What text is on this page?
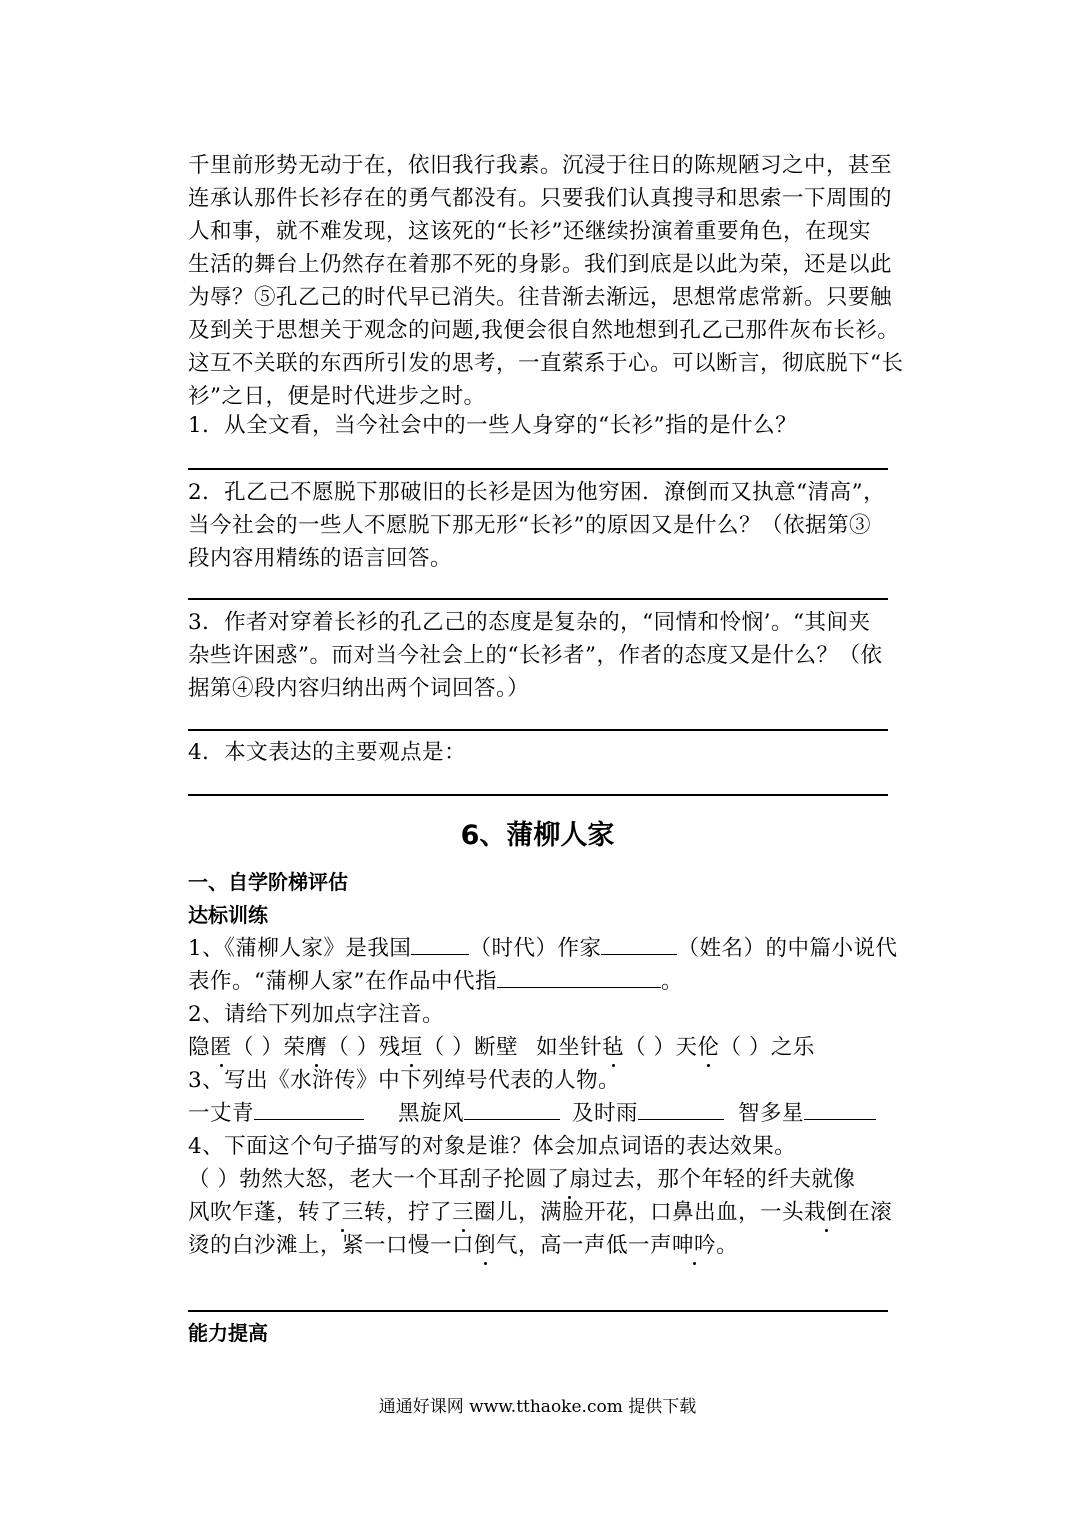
千里前形势无动于在，依旧我行我素。沉浸于往日的陈规陋习之中，甚至
连承认那件长衫存在的勇气都没有。只要我们认真搜寻和思索一下周围的
人和事，就不难发现，这该死的“长衫”还继续扮演着重要角色，在现实
生活的舞台上仍然存在着那不死的身影。我们到底是以此为荣，还是以此
为辱？⑤孔乙己的时代早已消失。往昔渐去渐远，思想常虑常新。只要触
及到关于思想关于观念的问题,我便会很自然地想到孔乙己那件灰布长衫。
这互不关联的东西所引发的思考，一直萦系于心。可以断言，彻底脱下“长
衫”之日，便是时代进步之时。
1．从全文看，当今社会中的一些人身穿的“长衫”指的是什么？
2．孔乙己不愿脱下那破旧的长衫是因为他穷困．潦倒而又执意“清高”，
当今社会的一些人不愿脱下那无形“长衫”的原因又是什么？（依据第③
段内容用精练的语言回答。
3．作者对穿着长衫的孔乙己的态度是复杂的，“同情和怜悯’。“其间夹
杂些许困惑”。而对当今社会上的“长衫者”，作者的态度又是什么？（依
据第④段内容归纳出两个词回答。）
4．本文表达的主要观点是：
6、蒲柳人家
一、自学阶梯评估
达标训练
1、《蒲柳人家》是我国	（时代）作家	（姓名）的中篇小说代
表作。“蒲柳人家”在作品中代指	。
2、请给下列加点字注音。
隐匿（ ）荣膺（ ）残垣（ ）断壁 如坐针毡（ ）天伦（ ）之乐
3、写出《水浒传》中下列绰号代表的人物。
一丈青	黑旋风	及时雨	智多星
4、下面这个句子描写的对象是谁？体会加点词语的表达效果。
（ ）勃然大怒，老大一个耳刮子抡圆了扇过去，那个年轻的纤夫就像
风吹乍蓬，转了三转，拧了三圈儿，满脸开花，口鼻出血，一头栽倒在滚
烫的白沙滩上，紧一口慢一口倒气，高一声低一声呻吟。
能力提高
通通好课网 www.tthaoke.com 提供下载
